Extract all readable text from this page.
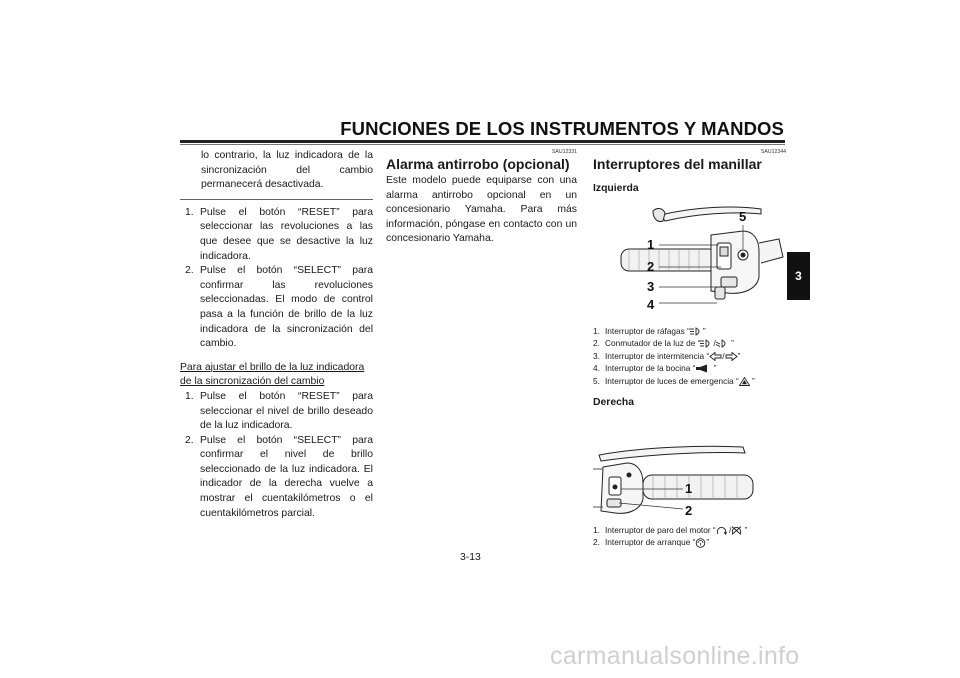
FUNCIONES DE LOS INSTRUMENTOS Y MANDOS
3
lo contrario, la luz indicadora de la sincronización del cambio permanecerá desactivada.
1. Pulse el botón “RESET” para seleccionar las revoluciones a las que desee que se desactive la luz indicadora.
2. Pulse el botón “SELECT” para confirmar las revoluciones seleccionadas. El modo de control pasa a la función de brillo de la luz indicadora de la sincronización del cambio.
Para ajustar el brillo de la luz indicadora de la sincronización del cambio
1. Pulse el botón “RESET” para seleccionar el nivel de brillo deseado de la luz indicadora.
2. Pulse el botón “SELECT” para confirmar el nivel de brillo seleccionado de la luz indicadora. El indicador de la derecha vuelve a mostrar el cuentakilómetros o el cuentakilómetros parcial.
SAU12331
Alarma antirrobo (opcional)
Este modelo puede equiparse con una alarma antirrobo opcional en un concesionario Yamaha. Para más información, póngase en contacto con un concesionario Yamaha.
SAU12344
Interruptores del manillar
Izquierda
1
2
3
4
5
1. Interruptor de ráfagas “ ”
2. Conmutador de la luz de “ / ”
3. Interruptor de intermitencia “ / ”
4. Interruptor de la bocina “ ”
5. Interruptor de luces de emergencia “ ”
Derecha
1
2
1. Interruptor de paro del motor “ / ”
2. Interruptor de arranque “ ”
3-13
carmanualsonline.info
